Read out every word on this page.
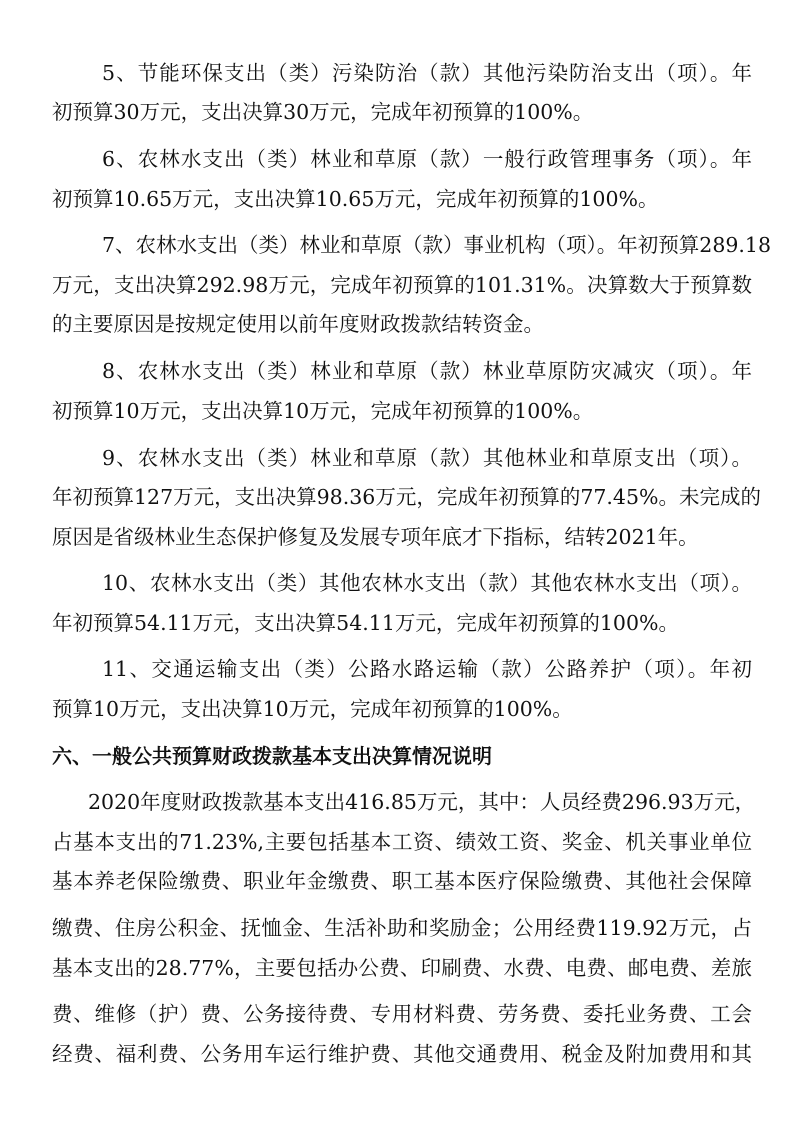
5、节能环保支出（类）污染防治（款）其他污染防治支出（项）。年
初预算30万元，支出决算30万元，完成年初预算的100%。
6、农林水支出（类）林业和草原（款）一般行政管理事务（项）。年
初预算10.65万元，支出决算10.65万元，完成年初预算的100%。
7、农林水支出（类）林业和草原（款）事业机构（项）。年初预算289.18
万元，支出决算292.98万元，完成年初预算的101.31%。决算数大于预算数
的主要原因是按规定使用以前年度财政拨款结转资金。
8、农林水支出（类）林业和草原（款）林业草原防灾减灾（项）。年
初预算10万元，支出决算10万元，完成年初预算的100%。
9、农林水支出（类）林业和草原（款）其他林业和草原支出（项）。
年初预算127万元，支出决算98.36万元，完成年初预算的77.45%。未完成的
原因是省级林业生态保护修复及发展专项年底才下指标，结转2021年。
10、农林水支出（类）其他农林水支出（款）其他农林水支出（项）。
年初预算54.11万元，支出决算54.11万元，完成年初预算的100%。
11、交通运输支出（类）公路水路运输（款）公路养护（项）。年初
预算10万元，支出决算10万元，完成年初预算的100%。
六、一般公共预算财政拨款基本支出决算情况说明
2020年度财政拨款基本支出416.85万元，其中：人员经费296.93万元，
占基本支出的71.23%,主要包括基本工资、绩效工资、奖金、机关事业单位
基本养老保险缴费、职业年金缴费、职工基本医疗保险缴费、其他社会保障
缴费、住房公积金、抚恤金、生活补助和奖励金；公用经费119.92万元，占
基本支出的28.77%，主要包括办公费、印刷费、水费、电费、邮电费、差旅
费、维修（护）费、公务接待费、专用材料费、劳务费、委托业务费、工会
经费、福利费、公务用车运行维护费、其他交通费用、税金及附加费用和其
